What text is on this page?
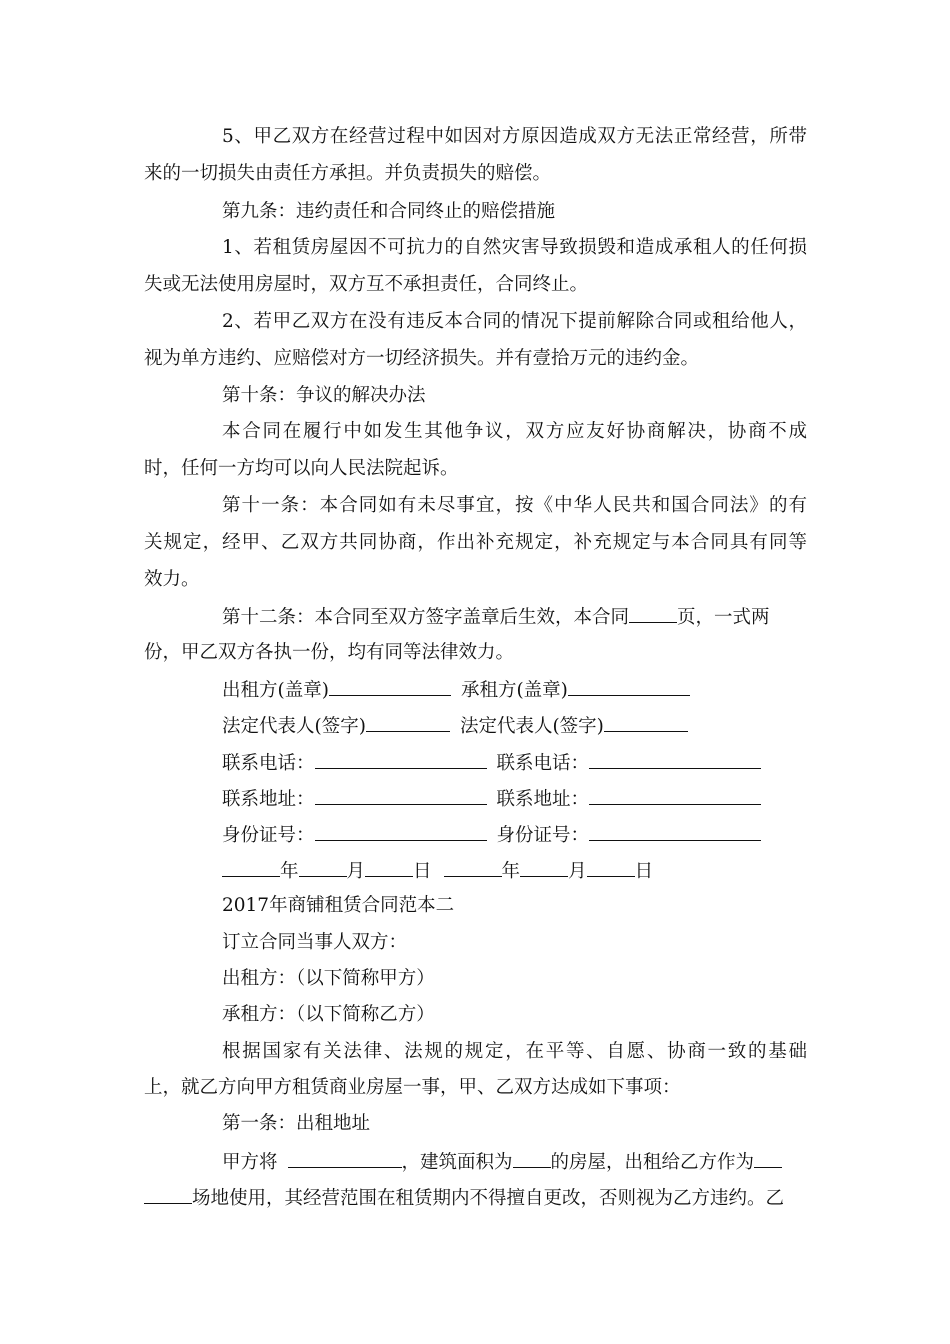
5、甲乙双方在经营过程中如因对方原因造成双方无法正常经营，所带
来的一切损失由责任方承担。并负责损失的赔偿。
第九条：违约责任和合同终止的赔偿措施
1、若租赁房屋因不可抗力的自然灾害导致损毁和造成承租人的任何损
失或无法使用房屋时，双方互不承担责任，合同终止。
2、若甲乙双方在没有违反本合同的情况下提前解除合同或租给他人，
视为单方违约、应赔偿对方一切经济损失。并有壹拾万元的违约金。
第十条：争议的解决办法
本合同在履行中如发生其他争议，双方应友好协商解决，协商不成
时，任何一方均可以向人民法院起诉。
第十一条：本合同如有未尽事宜，按《中华人民共和国合同法》的有
关规定，经甲、乙双方共同协商，作出补充规定，补充规定与本合同具有同等
效力。
第十二条：本合同至双方签字盖章后生效，本合同	页，一式两
份，甲乙双方各执一份，均有同等法律效力。
出租方(盖章)	承租方(盖章)
法定代表人(签字)	法定代表人(签字)
联系电话：	联系电话：
联系地址：	联系地址：
身份证号：	身份证号：
年	月	日	年	月	日
2017年商铺租赁合同范本二
订立合同当事人双方：
出租方：（以下简称甲方）
承租方：（以下简称乙方）
根据国家有关法律、法规的规定，在平等、自愿、协商一致的基础
上，就乙方向甲方租赁商业房屋一事，甲、乙双方达成如下事项：
第一条：出租地址
甲方将	，建筑面积为 的房屋，出租给乙方作为
场地使用，其经营范围在租赁期内不得擅自更改，否则视为乙方违约。乙
